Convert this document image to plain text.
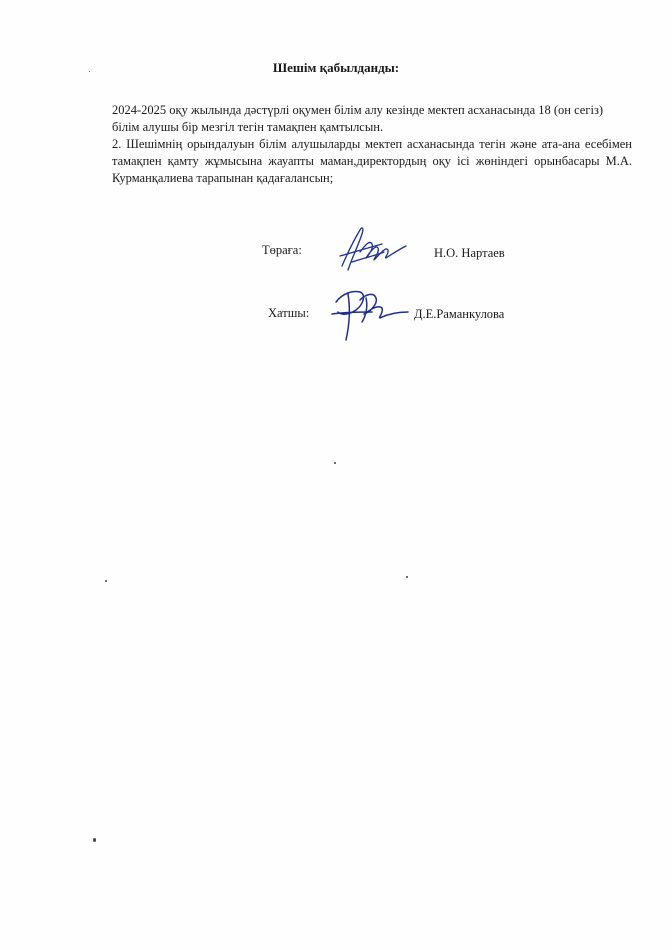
Шешім қабылданды:
2024-2025 оқу жылында дәстүрлі оқумен білім алу кезінде мектеп асханасында 18 (он сегіз) білім алушы бір мезгіл тегін тамақпен қамтылсын.
2. Шешімнің орындалуын білім алушыларды мектеп асханасында тегін және ата-ана есебімен тамақпен қамту жұмысына жауапты маман,директордың оқу ісі жөніндегі орынбасары М.А. Курманқалиева тарапынан қадағалансын;
Төраға:	Н.О. Нартаев
Хатшы:	Д.Е.Раманкулова
